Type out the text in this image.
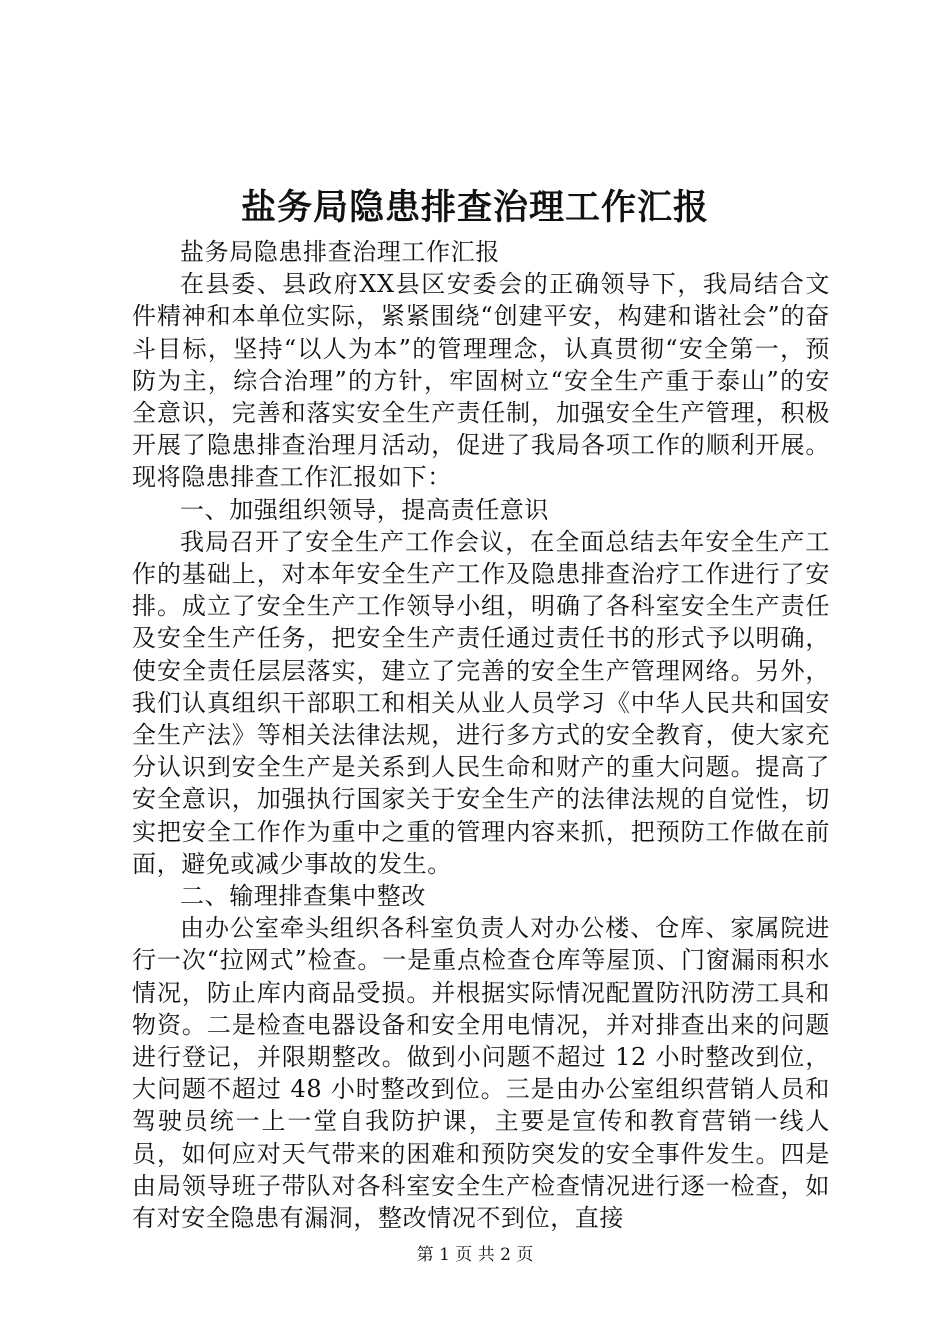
盐务局隐患排查治理工作汇报

盐务局隐患排查治理工作汇报

在县委、县政府XX县区安委会的正确领导下，我局结合文件精神和本单位实际，紧紧围绕“创建平安，构建和谐社会”的奋斗目标，坚持“以人为本”的管理理念，认真贯彻“安全第一，预防为主，综合治理”的方针，牢固树立“安全生产重于泰山”的安全意识，完善和落实安全生产责任制，加强安全生产管理，积极开展了隐患排查治理月活动，促进了我局各项工作的顺利开展。现将隐患排查工作汇报如下：

一、加强组织领导，提高责任意识

我局召开了安全生产工作会议，在全面总结去年安全生产工作的基础上，对本年安全生产工作及隐患排查治疗工作进行了安排。成立了安全生产工作领导小组，明确了各科室安全生产责任及安全生产任务，把安全生产责任通过责任书的形式予以明确，使安全责任层层落实，建立了完善的安全生产管理网络。另外，我们认真组织干部职工和相关从业人员学习《中华人民共和国安全生产法》等相关法律法规，进行多方式的安全教育，使大家充分认识到安全生产是关系到人民生命和财产的重大问题。提高了安全意识，加强执行国家关于安全生产的法律法规的自觉性，切实把安全工作作为重中之重的管理内容来抓，把预防工作做在前面，避免或减少事故的发生。

二、输理排查集中整改

由办公室牵头组织各科室负责人对办公楼、仓库、家属院进行一次“拉网式”检查。一是重点检查仓库等屋顶、门窗漏雨积水情况，防止库内商品受损。并根据实际情况配置防汛防涝工具和物资。二是检查电器设备和安全用电情况，并对排查出来的问题进行登记，并限期整改。做到小问题不超过 12 小时整改到位，大问题不超过 48 小时整改到位。三是由办公室组织营销人员和驾驶员统一上一堂自我防护课，主要是宣传和教育营销一线人员，如何应对天气带来的困难和预防突发的安全事件发生。四是由局领导班子带队对各科室安全生产检查情况进行逐一检查，如有对安全隐患有漏洞，整改情况不到位，直接

第 1 页 共 2 页
